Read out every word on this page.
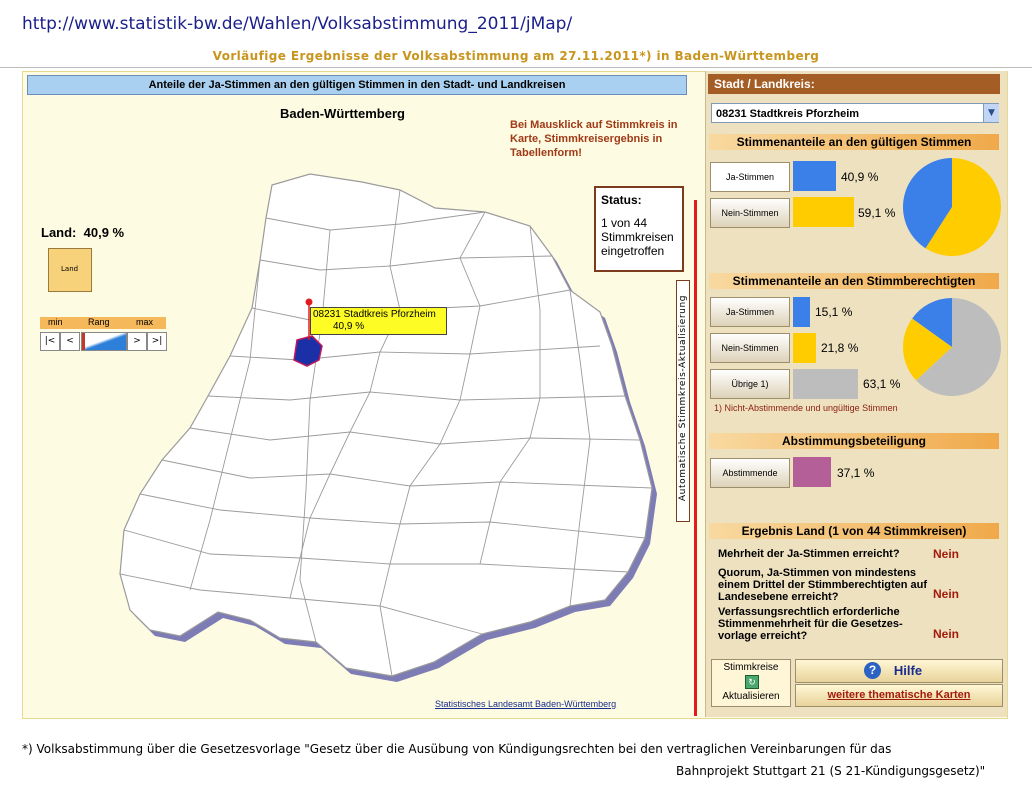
http://www.statistik-bw.de/Wahlen/Volksabstimmung_2011/jMap/
Vorläufige Ergebnisse der Volksabstimmung am 27.11.2011*) in Baden-Württemberg
Anteile der Ja-Stimmen an den gültigen Stimmen in den Stadt- und Landkreisen
Baden-Württemberg
Bei Mausklick auf Stimmkreis in Karte, Stimmkreisergebnis in Tabellenform!
Status:
1 von 44 Stimmkreisen eingetroffen
Land: 40,9 %
Land
min	Rang	max
|<	<	>	>|
08231 Stadtkreis Pforzheim
40,9 %	Automatische Stimmkreis-Aktualisierung
Statistisches Landesamt Baden-Württemberg
Stadt / Landkreis:
08231 Stadtkreis Pforzheim	▼
Stimmenanteile an den gültigen Stimmen
Ja-Stimmen	40,9 %
Nein-Stimmen	59,1 %
Stimmenanteile an den Stimmberechtigten
Ja-Stimmen	15,1 %
Nein-Stimmen	21,8 %
Übrige 1)	63,1 %
1) Nicht-Abstimmende und ungültige Stimmen
Abstimmungsbeteiligung
Abstimmende	37,1 %
Ergebnis Land (1 von 44 Stimmkreisen)
Mehrheit der Ja-Stimmen erreicht?	Nein
Quorum, Ja-Stimmen von mindestens einem Drittel der Stimmberechtigten auf Landesebene erreicht?	Nein
Verfassungsrechtlich erforderliche Stimmenmehrheit für die Gesetzes-vorlage erreicht?	Nein
Stimmkreise
↻
Aktualisieren
?	Hilfe
weitere thematische Karten
*) Volksabstimmung über die Gesetzesvorlage "Gesetz über die Ausübung von Kündigungsrechten bei den vertraglichen Vereinbarungen für das
Bahnprojekt Stuttgart 21 (S 21-Kündigungsgesetz)"
